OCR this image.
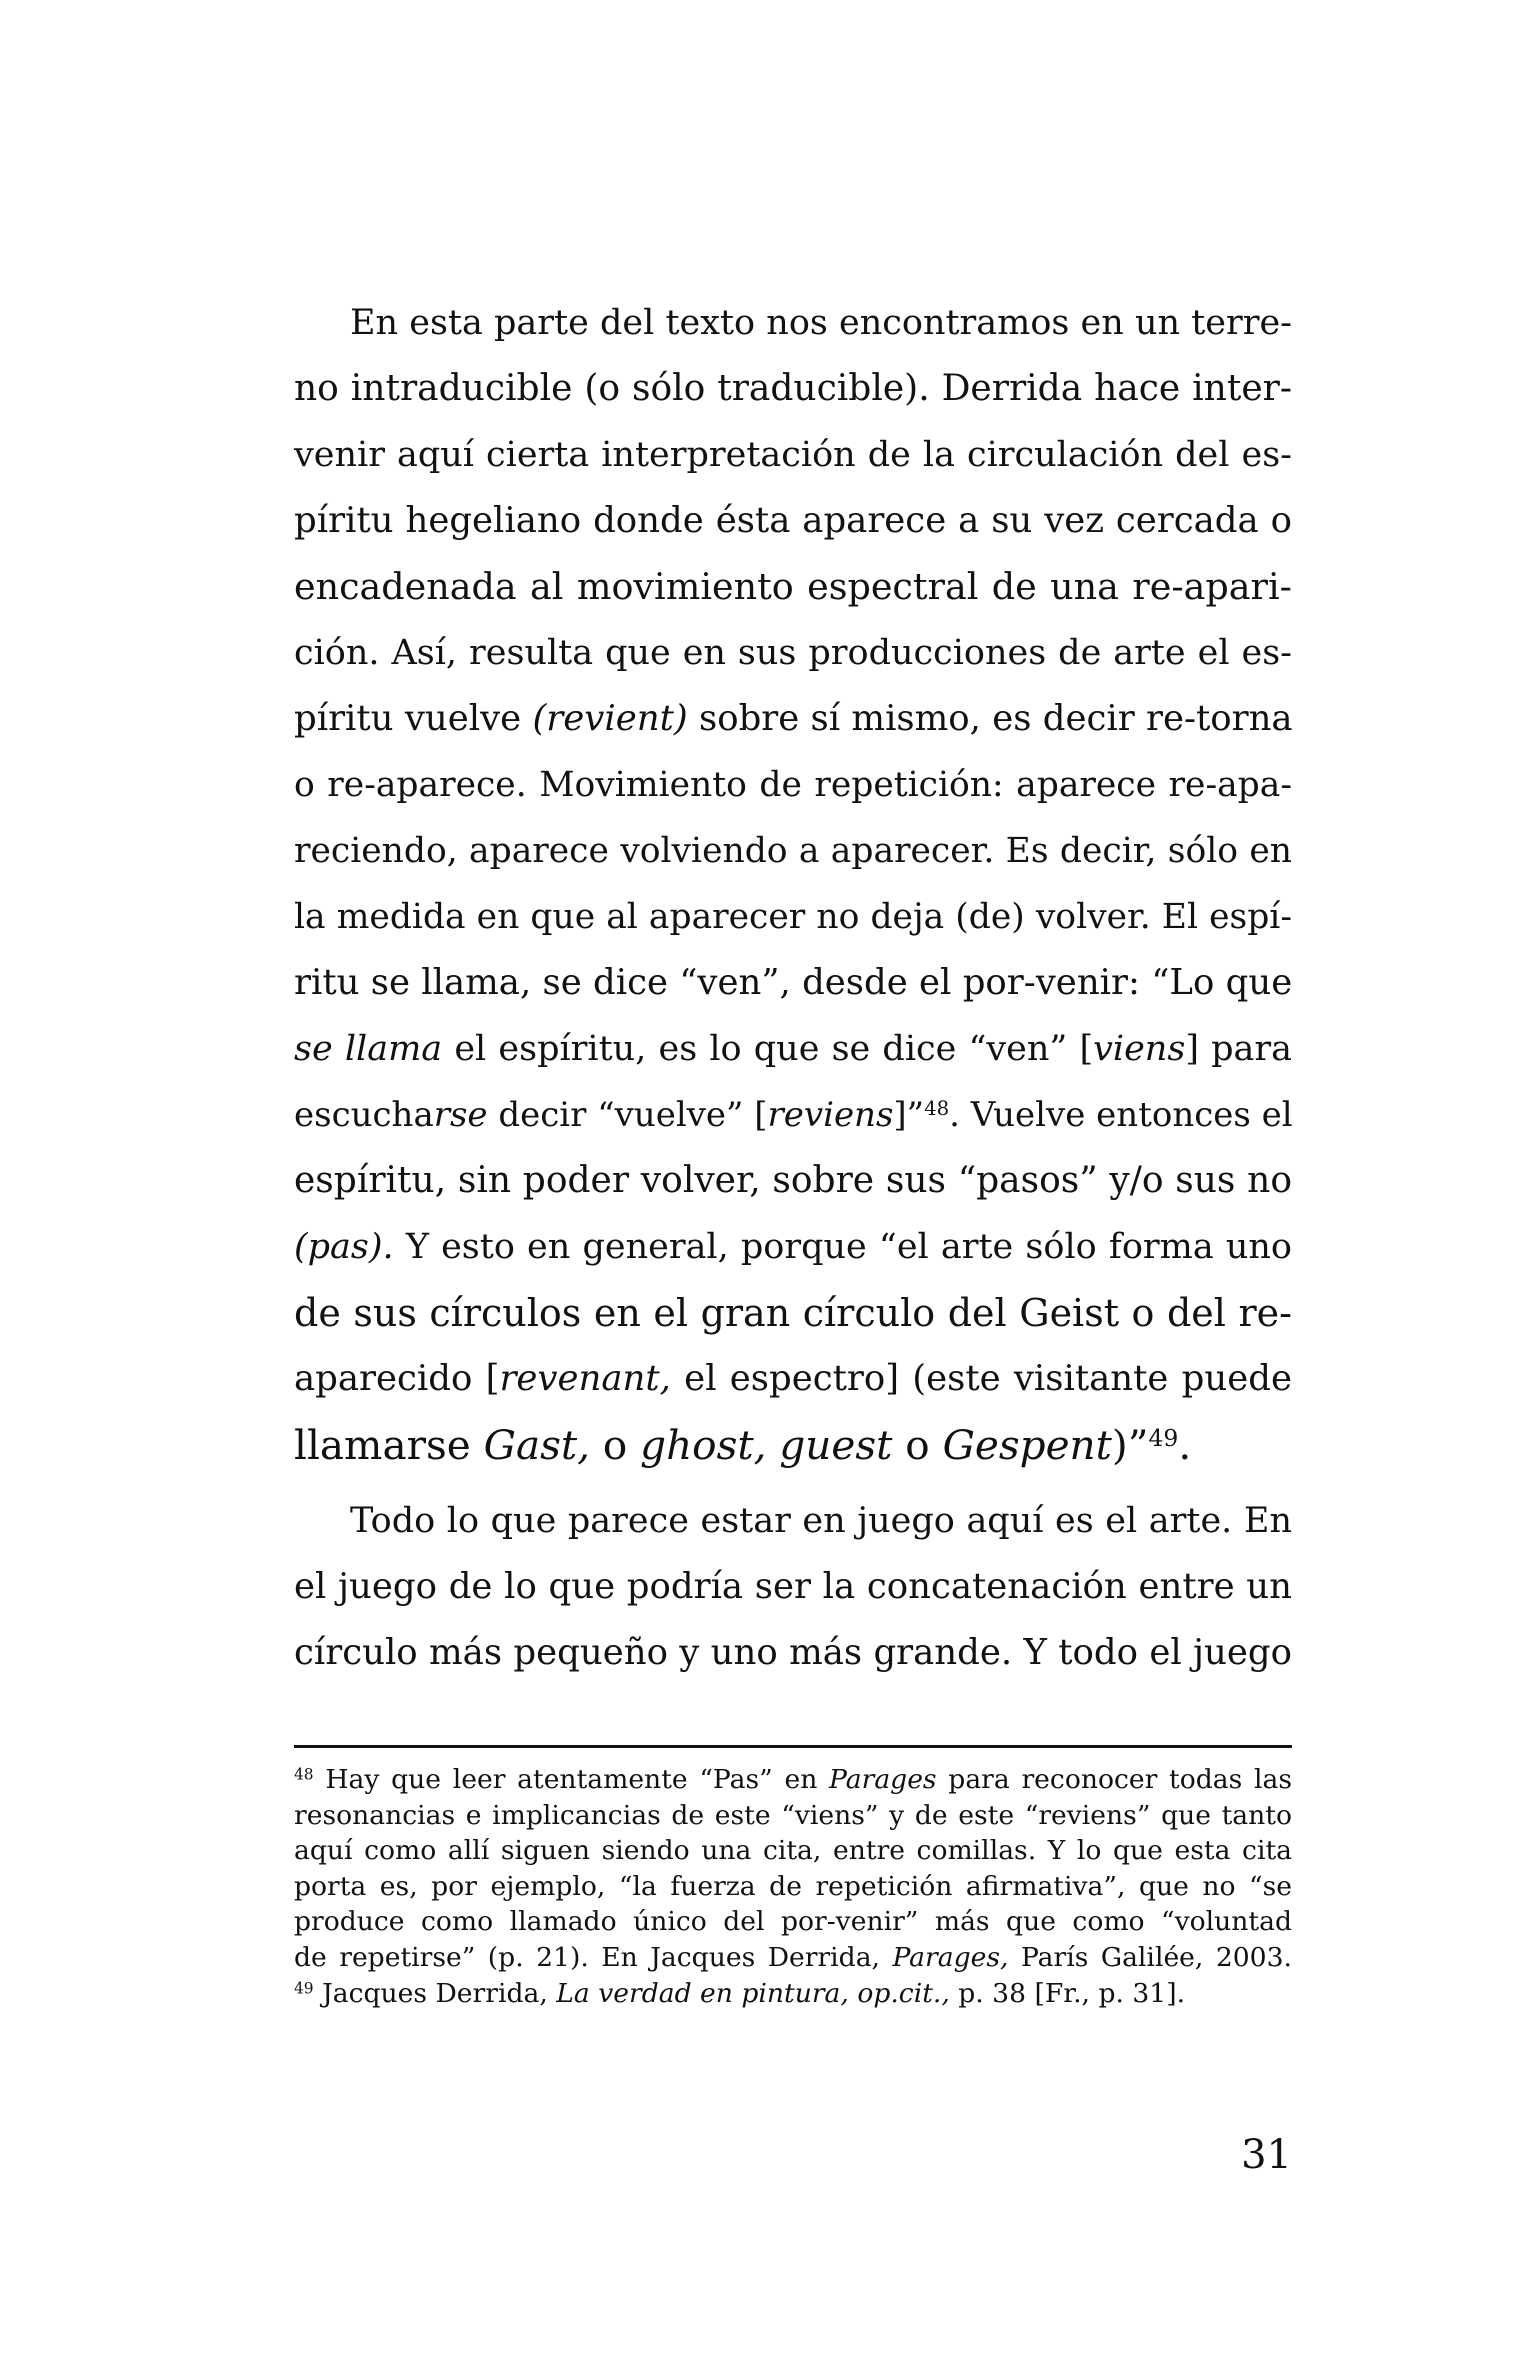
En esta parte del texto nos encontramos en un terre-
no intraducible (o sólo traducible). Derrida hace inter-
venir aquí cierta interpretación de la circulación del es-
píritu hegeliano donde ésta aparece a su vez cercada o
encadenada al movimiento espectral de una re-apari-
ción. Así, resulta que en sus producciones de arte el es-
píritu vuelve (revient) sobre sí mismo, es decir re-torna
o re-aparece. Movimiento de repetición: aparece re-apa-
reciendo, aparece volviendo a aparecer. Es decir, sólo en
la medida en que al aparecer no deja (de) volver. El espí-
ritu se llama, se dice “ven”, desde el por-venir: “Lo que
se llama el espíritu, es lo que se dice “ven” [viens] para
escucharse decir “vuelve” [reviens]”$^{48}$. Vuelve entonces el
espíritu, sin poder volver, sobre sus “pasos” y/o sus no
(pas). Y esto en general, porque “el arte sólo forma uno
de sus círculos en el gran círculo del Geist o del re-
aparecido [revenant, el espectro] (este visitante puede
llamarse Gast, o ghost, guest o Gespent)”$^{49}$.
Todo lo que parece estar en juego aquí es el arte. En
el juego de lo que podría ser la concatenación entre un
círculo más pequeño y uno más grande. Y todo el juego
$^{48}$ Hay que leer atentamente “Pas” en Parages para reconocer todas las
resonancias e implicancias de este “viens” y de este “reviens” que tanto
aquí como allí siguen siendo una cita, entre comillas. Y lo que esta cita
porta es, por ejemplo, “la fuerza de repetición afirmativa”, que no “se
produce como llamado único del por-venir” más que como “voluntad
de repetirse” (p. 21). En Jacques Derrida, Parages, París Galilée, 2003.
$^{49}$ Jacques Derrida, La verdad en pintura, op.cit., p. 38 [Fr., p. 31].
31
